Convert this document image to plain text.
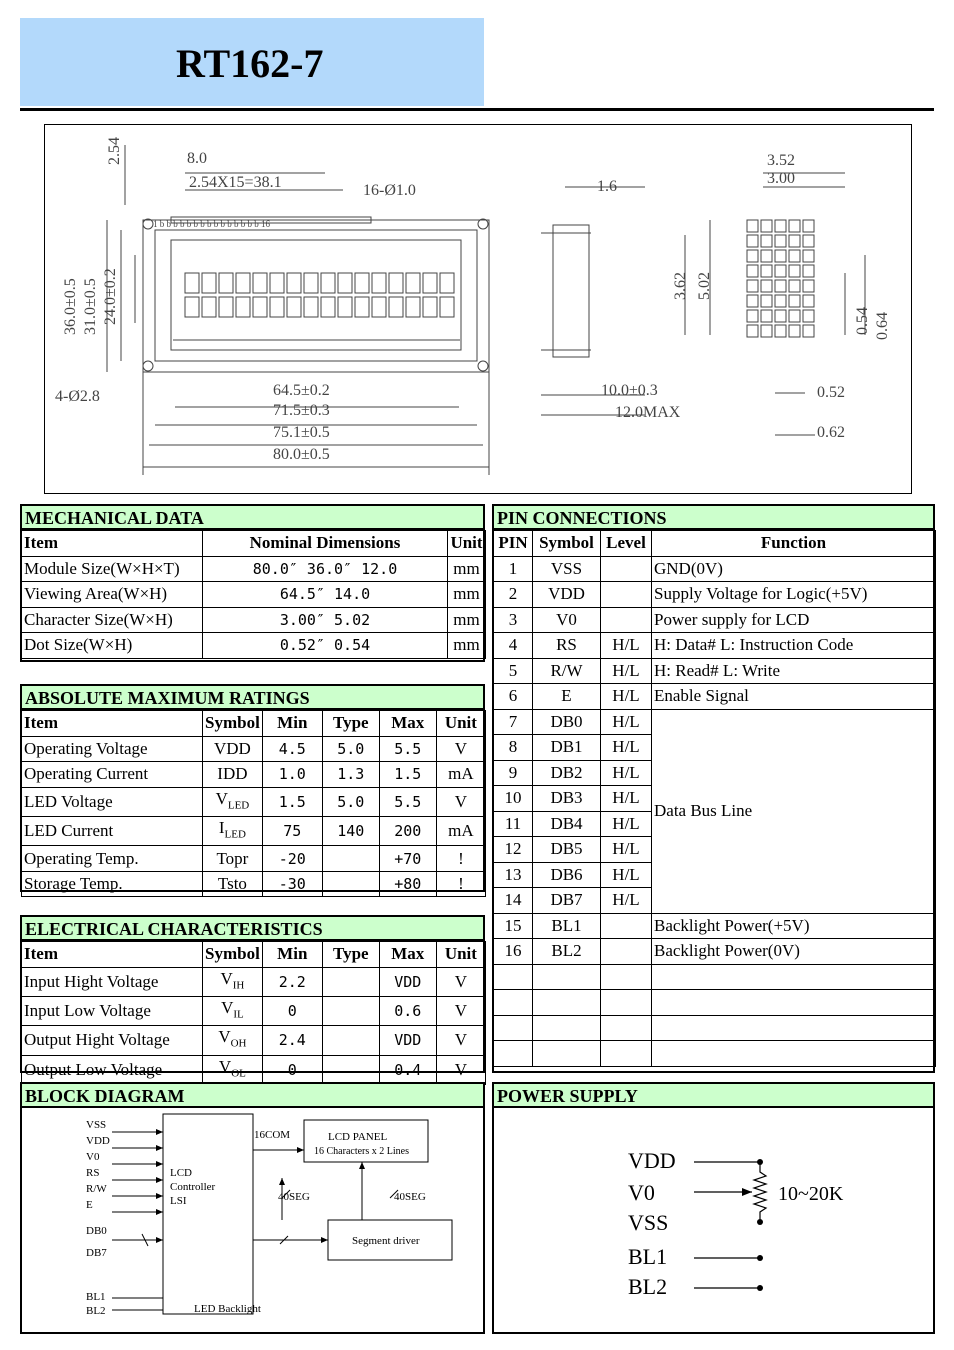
RT162-7
8.0
2.54X15=38.1	16-Ø1.0	1.6
3.52
3.00
64.5±0.2
71.5±0.3
75.1±0.5
80.0±0.5
4-Ø2.8	10.0±0.3
12.0MAX
0.52
0.62
1 b b b b b b b b b b b b b b b 16
2.54
36.0±0.5 31.0±0.5 24.0±0.2	3.62 5.02
0.54 0.64
MECHANICAL DATA
Item	Nominal Dimensions	Unit
Module Size(W×H×T)	80.0″ 36.0″ 12.0	mm
Viewing Area(W×H)	64.5″ 14.0	mm
Character Size(W×H)	3.00″ 5.02	mm
Dot Size(W×H)	0.52″ 0.54	mm
ABSOLUTE MAXIMUM RATINGS
Item	Symbol	Min	Type	Max	Unit
Operating Voltage	VDD	4.5	5.0	5.5	V
Operating Current	IDD	1.0	1.3	1.5	mA
LED Voltage	$V_{LED}$	1.5	5.0	5.5	V
LED Current	$I_{LED}$	75	140	200	mA
Operating Temp.	Topr	-20		+70	!
Storage Temp.	Tsto	-30		+80	!
ELECTRICAL CHARACTERISTICS
Item	Symbol	Min	Type	Max	Unit
Input Hight Voltage	$V_{IH}$	2.2		VDD	V
Input Low Voltage	$V_{IL}$	0		0.6	V
Output Hight Voltage	$V_{OH}$	2.4		VDD	V
Output Low Voltage	$V_{OL}$	0		0.4	V
PIN CONNECTIONS
PIN	Symbol	Level	Function
1	VSS		GND(0V)
2	VDD		Supply Voltage for Logic(+5V)
3	V0		Power supply for LCD
4	RS	H/L	H: Data# L: Instruction Code
5	R/W	H/L	H: Read# L: Write
6	E	H/L	Enable Signal
7	DB0	H/L	Data Bus Line
8	DB1	H/L	
9	DB2	H/L	
10	DB3	H/L	
11	DB4	H/L	
12	DB5	H/L	
13	DB6	H/L	
14	DB7	H/L	
15	BL1		Backlight Power(+5V)
16	BL2		Backlight Power(0V)

BLOCK DIAGRAM
VSS
VDD
V0
RS
R/W
E
DB0
DB7
BL1
BL2
LCD
Controller
LSI
16COM	LCD PANEL
16 Characters x 2 Lines
40SEG	40SEG
Segment driver
LED Backlight
POWER SUPPLY
VDD
V0
VSS
BL1
BL2
10~20K
